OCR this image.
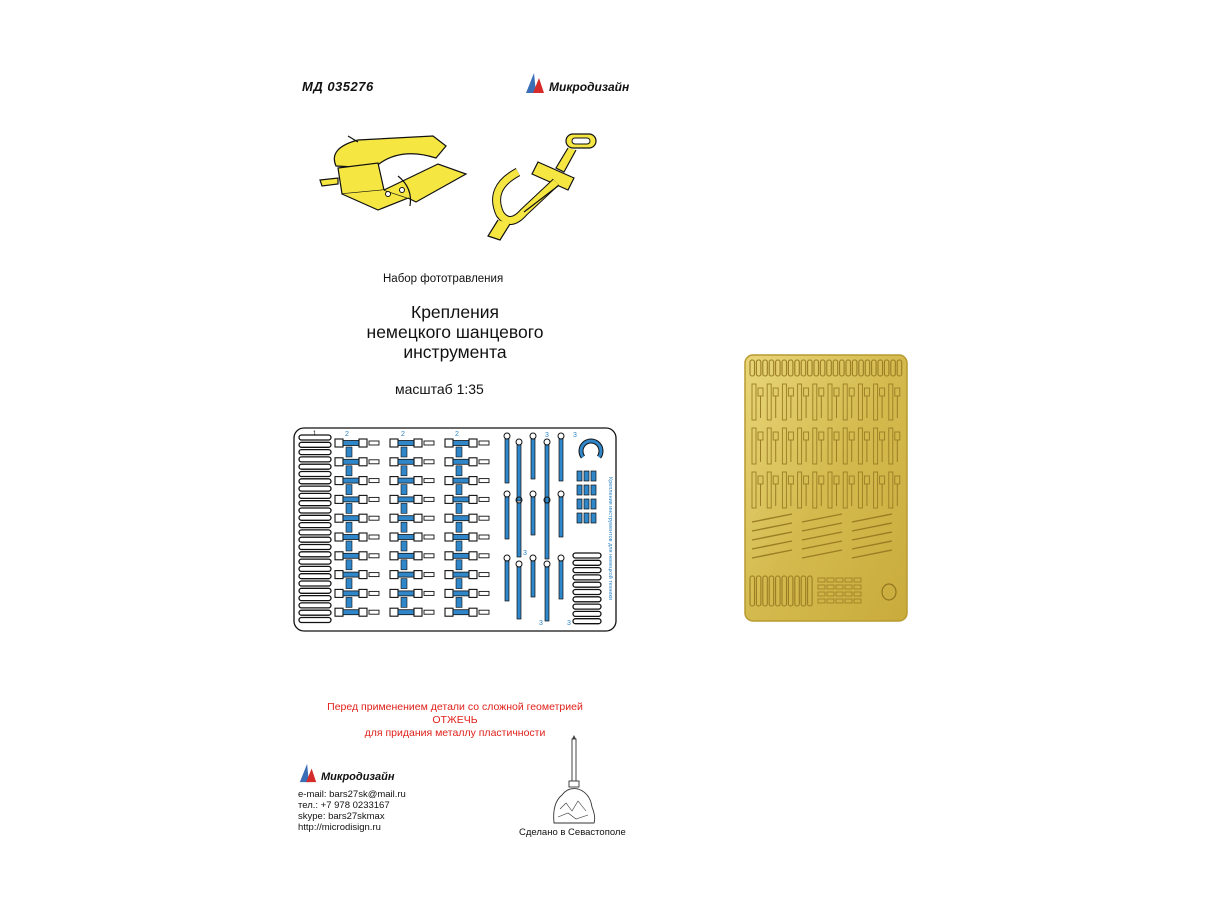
МД 035276	Микродизайн
Набор фототравления
Крепления
немецкого шанцевого
инструмента
масштаб 1:35
1	2	2	2
3
3	3
3
3	3
Крепления инструментов для немецкой техники
Перед применением детали со сложной геометрией
ОТЖЕЧЬ
для придания металлу пластичности
Микродизайн
e-mail: bars27sk@mail.ru
тел.: +7 978 0233167
skype: bars27skmax
http://microdisign.ru	Сделано в Севастополе
